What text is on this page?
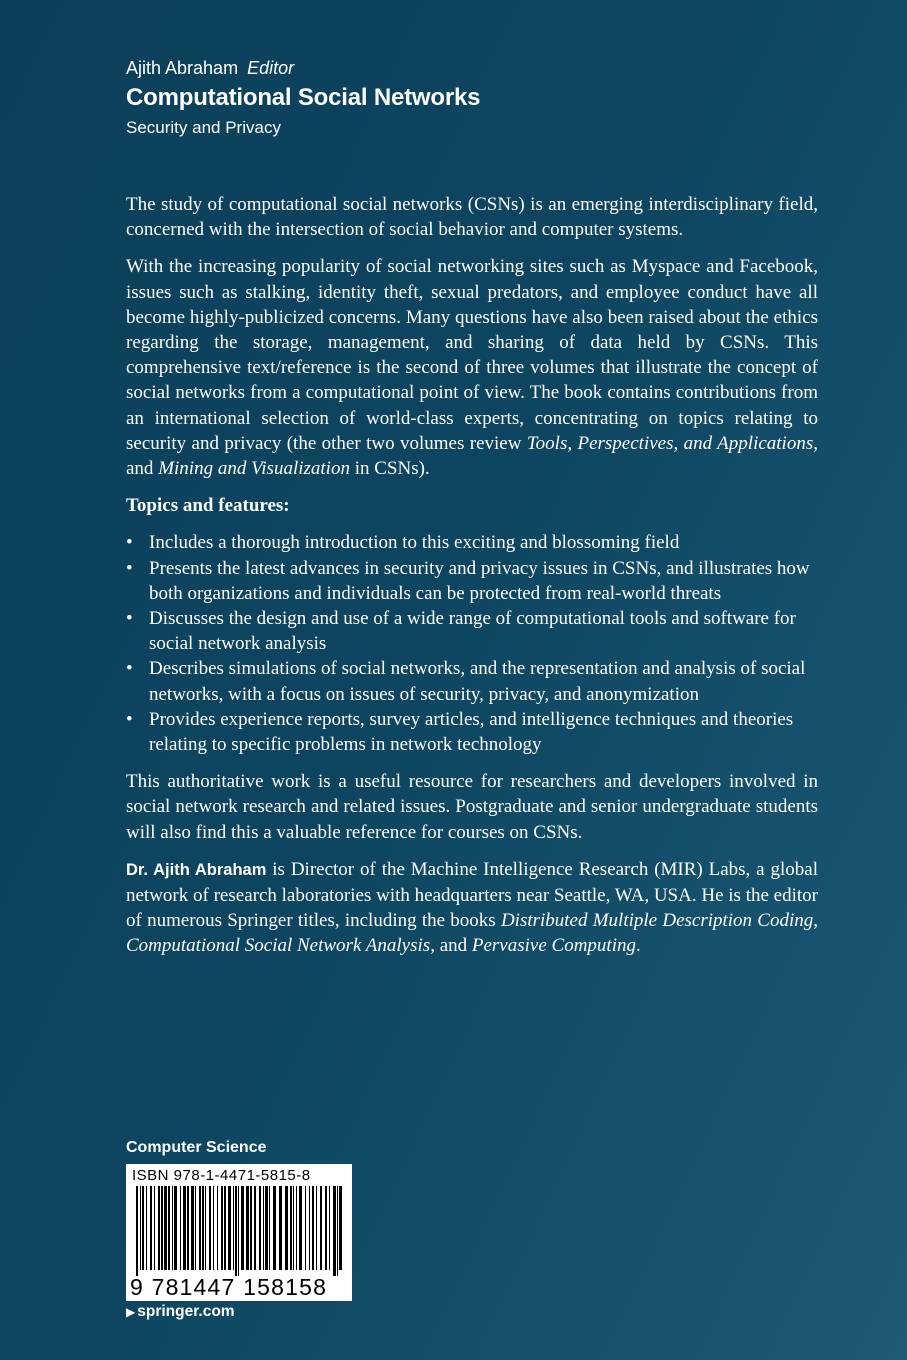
Ajith Abraham Editor
Computational Social Networks
Security and Privacy

The study of computational social networks (CSNs) is an emerging interdisciplinary field, concerned with the intersection of social behavior and computer systems.

With the increasing popularity of social networking sites such as Myspace and Facebook, issues such as stalking, identity theft, sexual predators, and employee conduct have all become highly-publicized concerns. Many questions have also been raised about the ethics regarding the storage, management, and sharing of data held by CSNs. This comprehensive text/reference is the second of three volumes that illustrate the concept of social networks from a computational point of view. The book contains contributions from an international selection of world-class experts, concentrating on topics relating to security and privacy (the other two volumes review Tools, Perspectives, and Applications, and Mining and Visualization in CSNs).

Topics and features:
• Includes a thorough introduction to this exciting and blossoming field
• Presents the latest advances in security and privacy issues in CSNs, and illustrates how both organizations and individuals can be protected from real-world threats
• Discusses the design and use of a wide range of computational tools and software for social network analysis
• Describes simulations of social networks, and the representation and analysis of social networks, with a focus on issues of security, privacy, and anonymization
• Provides experience reports, survey articles, and intelligence techniques and theories relating to specific problems in network technology

This authoritative work is a useful resource for researchers and developers involved in social network research and related issues. Postgraduate and senior undergraduate students will also find this a valuable reference for courses on CSNs.

Dr. Ajith Abraham is Director of the Machine Intelligence Research (MIR) Labs, a global network of research laboratories with headquarters near Seattle, WA, USA. He is the editor of numerous Springer titles, including the books Distributed Multiple Description Coding, Computational Social Network Analysis, and Pervasive Computing.

Computer Science
ISBN 978-1-4471-5815-8
9 781447 158158
▶ springer.com
